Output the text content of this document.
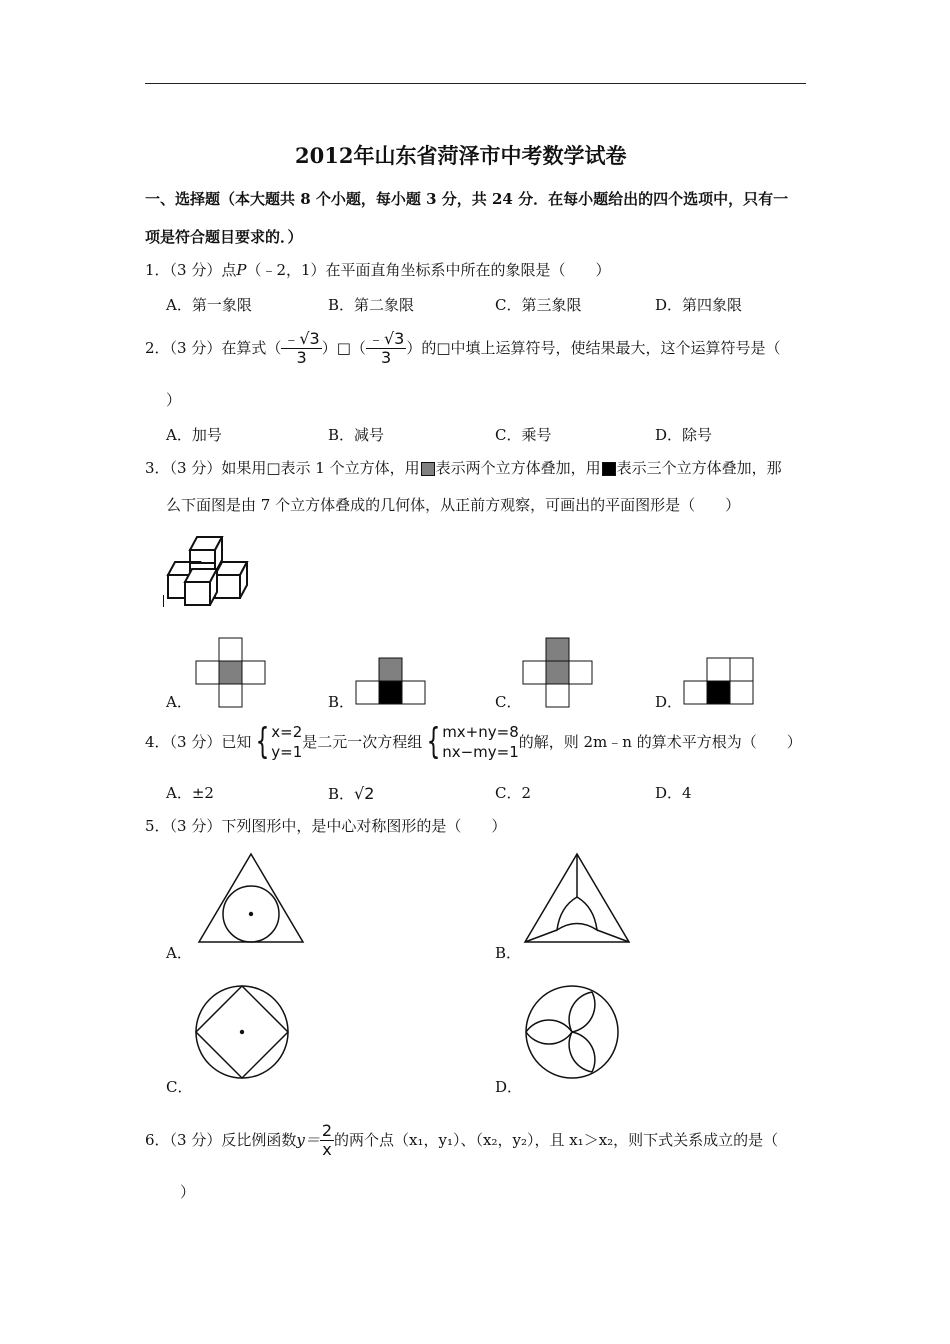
2012年山东省菏泽市中考数学试卷
一、选择题（本大题共 8 个小题，每小题 3 分，共 24 分．在每小题给出的四个选项中，只有一
项是符合题目要求的．）
1．（3 分）点P（﹣2，1）在平面直角坐标系中所在的象限是（　　）
A．第一象限	B．第二象限	C．第三象限	D．第四象限
2．（3 分）在算式（ $\frac{﹣√3}{3}$ ）□（ $\frac{﹣√3}{3}$ ）的□中填上运算符号，使结果最大，这个运算符号是（
）
A．加号	B．减号	C．乘号	D．除号
3．（3 分）如果用□表示 1 个立方体，用 表示两个立方体叠加，用 表示三个立方体叠加，那
么下面图是由 7 个立方体叠成的几何体，从正前方观察，可画出的平面图形是（　　）
A．	B．	C．	D．
4．（3 分）已知 { x=2
y=1
是二元一次方程组 { mx+ny=8
nx−my=1
的解，则 2m﹣n 的算术平方根为（　　）
A．±2	B．√2	C．2	D．4
5．（3 分）下列图形中，是中心对称图形的是（　　）
A．	B．
C．	D．
6．（3 分）反比例函数 $y= \frac{2}{x}$ 的两个点（x₁，y₁）、（x₂，y₂），且 x₁＞x₂，则下式关系成立的是（
）
